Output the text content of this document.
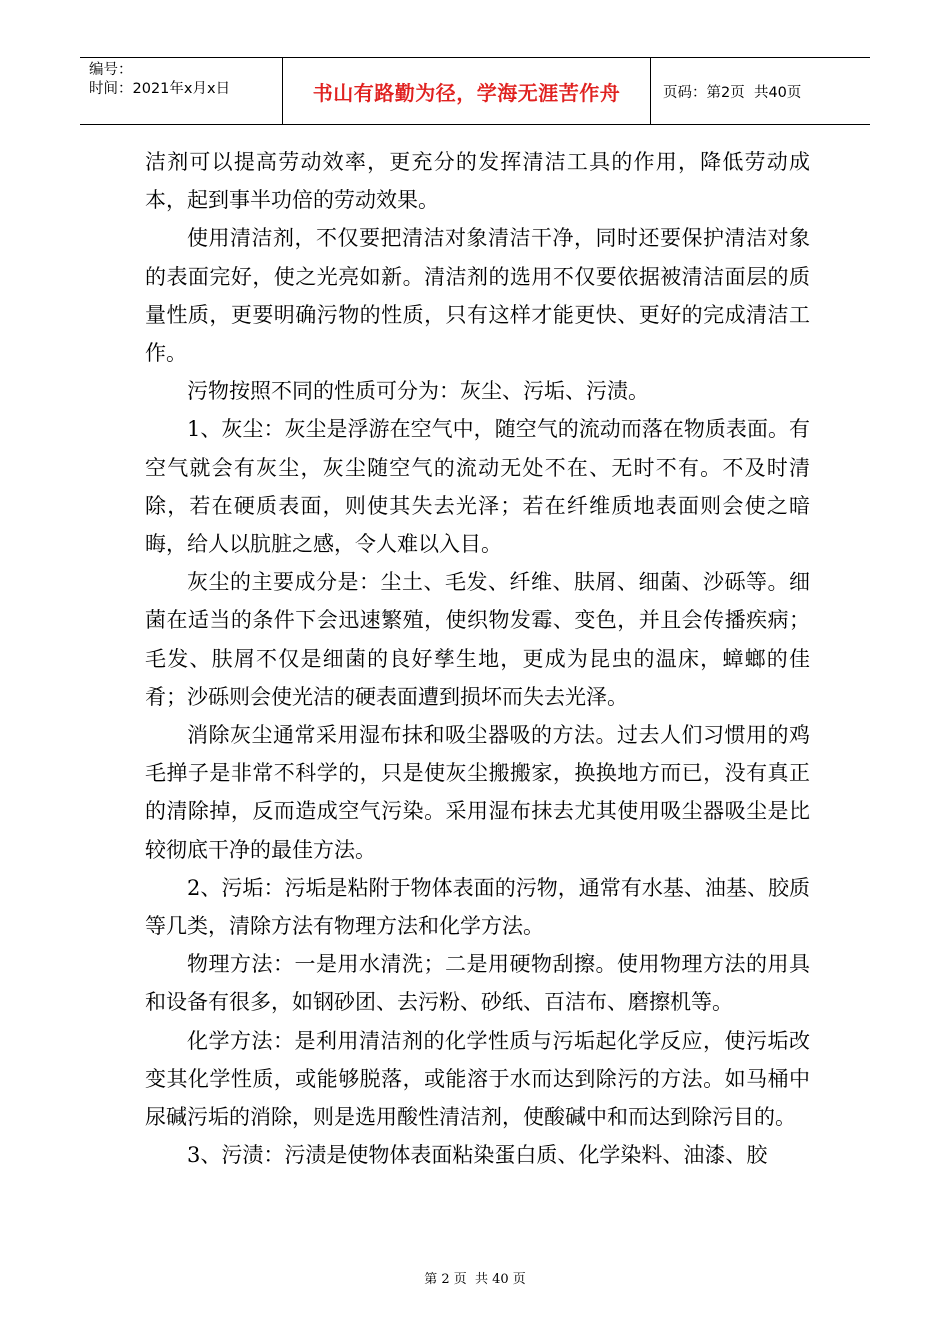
编号：
时间：2021年x月x日	书山有路勤为径，学海无涯苦作舟	页码：第2页  共40页

洁剂可以提高劳动效率，更充分的发挥清洁工具的作用，降低劳动成本，起到事半功倍的劳动效果。

使用清洁剂，不仅要把清洁对象清洁干净，同时还要保护清洁对象的表面完好，使之光亮如新。清洁剂的选用不仅要依据被清洁面层的质量性质，更要明确污物的性质，只有这样才能更快、更好的完成清洁工作。

污物按照不同的性质可分为：灰尘、污垢、污渍。

1、灰尘：灰尘是浮游在空气中，随空气的流动而落在物质表面。有空气就会有灰尘，灰尘随空气的流动无处不在、无时不有。不及时清除，若在硬质表面，则使其失去光泽；若在纤维质地表面则会使之暗晦，给人以肮脏之感，令人难以入目。

灰尘的主要成分是：尘土、毛发、纤维、肤屑、细菌、沙砾等。细菌在适当的条件下会迅速繁殖，使织物发霉、变色，并且会传播疾病；毛发、肤屑不仅是细菌的良好孳生地，更成为昆虫的温床，蟑螂的佳肴；沙砾则会使光洁的硬表面遭到损坏而失去光泽。

消除灰尘通常采用湿布抹和吸尘器吸的方法。过去人们习惯用的鸡毛掸子是非常不科学的，只是使灰尘搬搬家，换换地方而已，没有真正的清除掉，反而造成空气污染。采用湿布抹去尤其使用吸尘器吸尘是比较彻底干净的最佳方法。

2、污垢：污垢是粘附于物体表面的污物，通常有水基、油基、胶质等几类，清除方法有物理方法和化学方法。

物理方法：一是用水清洗；二是用硬物刮擦。使用物理方法的用具和设备有很多，如钢砂团、去污粉、砂纸、百洁布、磨擦机等。

化学方法：是利用清洁剂的化学性质与污垢起化学反应，使污垢改变其化学性质，或能够脱落，或能溶于水而达到除污的方法。如马桶中尿碱污垢的消除，则是选用酸性清洁剂，使酸碱中和而达到除污目的。

3、污渍：污渍是使物体表面粘染蛋白质、化学染料、油漆、胶

第 2 页  共 40 页
